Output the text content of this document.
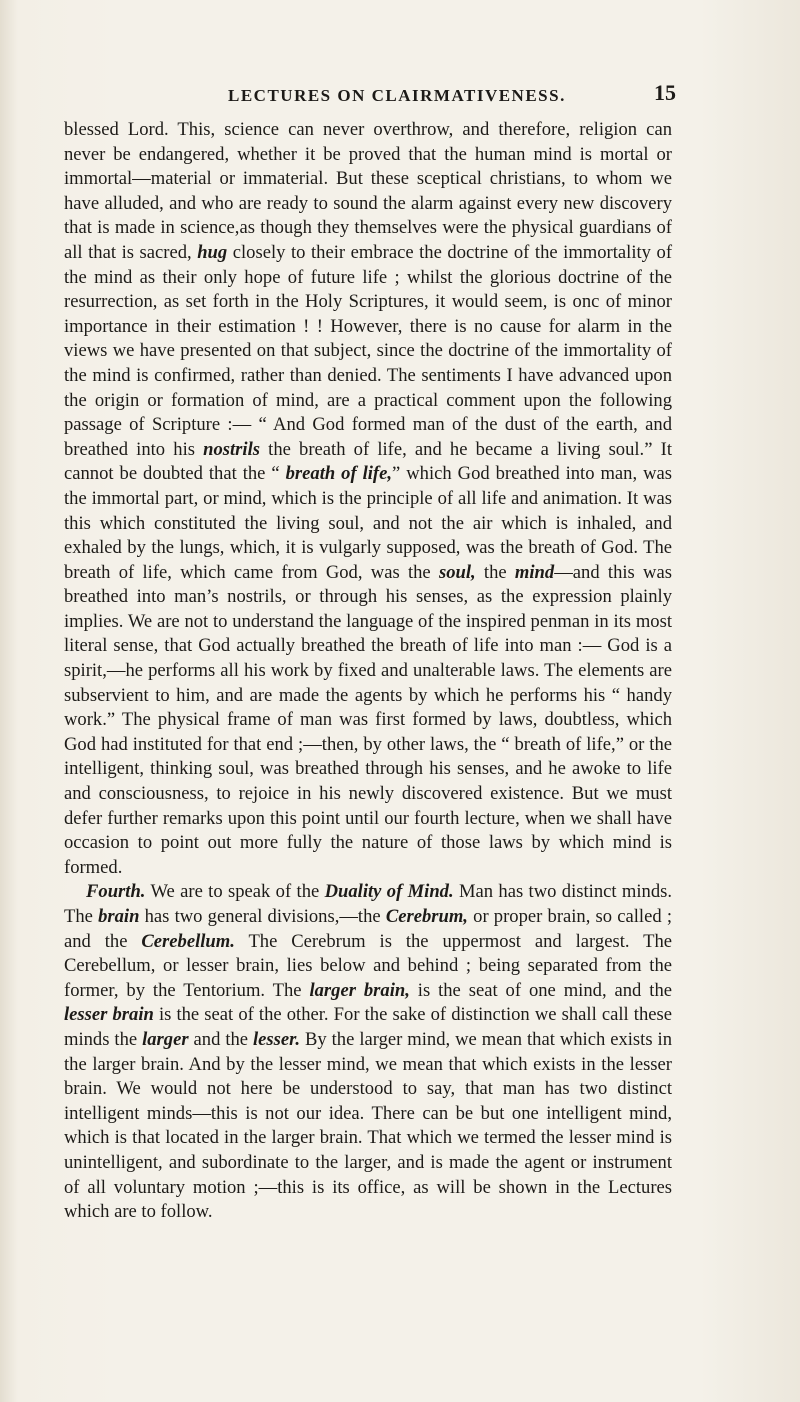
LECTURES ON CLAIRMATIVENESS.	15

blessed Lord. This, science can never overthrow, and therefore, religion can never be endangered, whether it be proved that the human mind is mortal or immortal—material or immaterial. But these sceptical christians, to whom we have alluded, and who are ready to sound the alarm against every new discovery that is made in science,as though they themselves were the physical guardians of all that is sacred, hug closely to their embrace the doctrine of the immortality of the mind as their only hope of future life ; whilst the glorious doctrine of the resurrection, as set forth in the Holy Scriptures, it would seem, is onc of minor importance in their estimation ! ! However, there is no cause for alarm in the views we have presented on that subject, since the doctrine of the immortality of the mind is confirmed, rather than denied. The sentiments I have advanced upon the origin or formation of mind, are a practical comment upon the following passage of Scripture :— “ And God formed man of the dust of the earth, and breathed into his nostrils the breath of life, and he became a living soul.” It cannot be doubted that the “ breath of life,” which God breathed into man, was the immortal part, or mind, which is the principle of all life and animation. It was this which constituted the living soul, and not the air which is inhaled, and exhaled by the lungs, which, it is vulgarly supposed, was the breath of God. The breath of life, which came from God, was the soul, the mind—and this was breathed into man’s nostrils, or through his senses, as the expression plainly implies. We are not to understand the language of the inspired penman in its most literal sense, that God actually breathed the breath of life into man :— God is a spirit,—he performs all his work by fixed and unalterable laws. The elements are subservient to him, and are made the agents by which he performs his “ handy work.” The physical frame of man was first formed by laws, doubtless, which God had instituted for that end ;—then, by other laws, the “ breath of life,” or the intelligent, thinking soul, was breathed through his senses, and he awoke to life and consciousness, to rejoice in his newly discovered existence. But we must defer further remarks upon this point until our fourth lecture, when we shall have occasion to point out more fully the nature of those laws by which mind is formed.

Fourth. We are to speak of the Duality of Mind. Man has two distinct minds. The brain has two general divisions,—the Cerebrum, or proper brain, so called ; and the Cerebellum. The Cerebrum is the uppermost and largest. The Cerebellum, or lesser brain, lies below and behind ; being separated from the former, by the Tentorium. The larger brain, is the seat of one mind, and the lesser brain is the seat of the other. For the sake of distinction we shall call these minds the larger and the lesser. By the larger mind, we mean that which exists in the larger brain. And by the lesser mind, we mean that which exists in the lesser brain. We would not here be understood to say, that man has two distinct intelligent minds—this is not our idea. There can be but one intelligent mind, which is that located in the larger brain. That which we termed the lesser mind is unintelligent, and subordinate to the larger, and is made the agent or instrument of all voluntary motion ;—this is its office, as will be shown in the Lectures which are to follow.
